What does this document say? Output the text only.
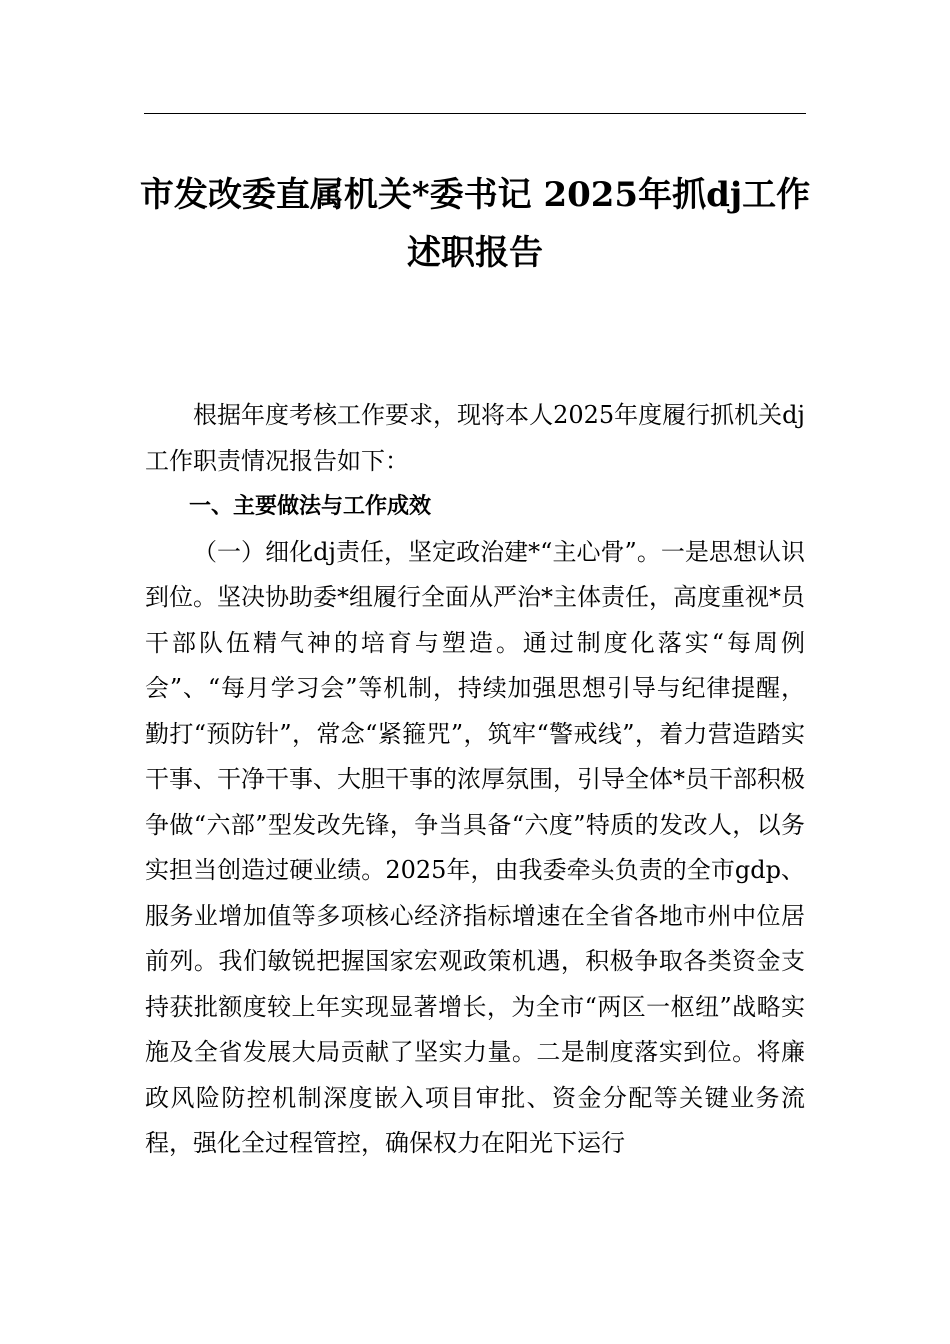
市发改委直属机关*委书记 2025年抓dj工作述职报告

根据年度考核工作要求，现将本人2025年度履行抓机关dj工作职责情况报告如下：

一、主要做法与工作成效

（一）细化dj责任，坚定政治建*“主心骨”。一是思想认识到位。坚决协助委*组履行全面从严治*主体责任，高度重视*员干部队伍精气神的培育与塑造。通过制度化落实“每周例会”、“每月学习会”等机制，持续加强思想引导与纪律提醒，勤打“预防针”，常念“紧箍咒”，筑牢“警戒线”，着力营造踏实干事、干净干事、大胆干事的浓厚氛围，引导全体*员干部积极争做“六部”型发改先锋，争当具备“六度”特质的发改人，以务实担当创造过硬业绩。2025年，由我委牵头负责的全市gdp、服务业增加值等多项核心经济指标增速在全省各地市州中位居前列。我们敏锐把握国家宏观政策机遇，积极争取各类资金支持获批额度较上年实现显著增长，为全市“两区一枢纽”战略实施及全省发展大局贡献了坚实力量。二是制度落实到位。将廉政风险防控机制深度嵌入项目审批、资金分配等关键业务流程，强化全过程管控，确保权力在阳光下运行
